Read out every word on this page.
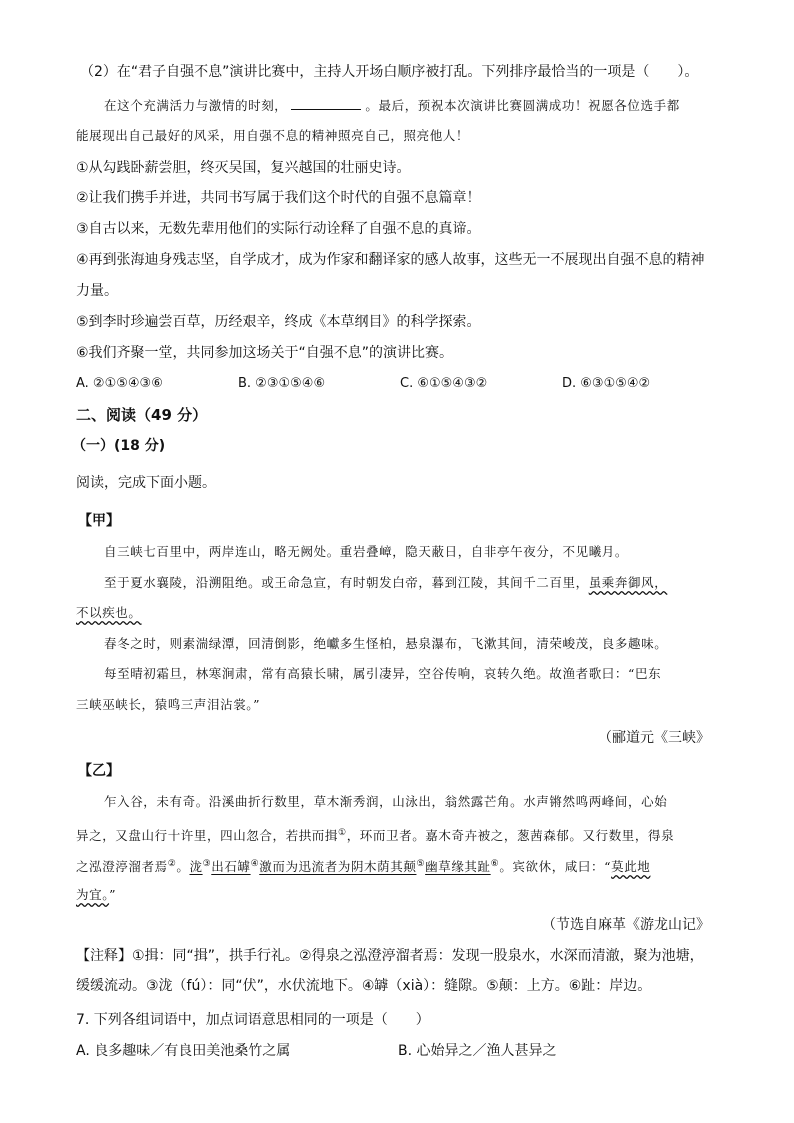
（2）在“君子自强不息”演讲比赛中，主持人开场白顺序被打乱。下列排序最恰当的一项是（　　）。
在这个充满活力与激情的时刻，	。最后，预祝本次演讲比赛圆满成功！祝愿各位选手都
能展现出自己最好的风采，用自强不息的精神照亮自己，照亮他人！
①从勾践卧薪尝胆，终灭吴国，复兴越国的壮丽史诗。
②让我们携手并进，共同书写属于我们这个时代的自强不息篇章！
③自古以来，无数先辈用他们的实际行动诠释了自强不息的真谛。
④再到张海迪身残志坚，自学成才，成为作家和翻译家的感人故事，这些无一不展现出自强不息的精神
力量。
⑤到李时珍遍尝百草，历经艰辛，终成《本草纲目》的科学探索。
⑥我们齐聚一堂，共同参加这场关于“自强不息”的演讲比赛。
A. ②①⑤④③⑥	B. ②③①⑤④⑥	C. ⑥①⑤④③②	D. ⑥③①⑤④②
二、阅读（49 分）
（一）(18 分)
阅读，完成下面小题。
【甲】
自三峡七百里中，两岸连山，略无阙处。重岩叠嶂，隐天蔽日，自非亭午夜分，不见曦月。
至于夏水襄陵，沿溯阻绝。或王命急宣，有时朝发白帝，暮到江陵，其间千二百里，虽乘奔御风，
不以疾也。
春冬之时，则素湍绿潭，回清倒影，绝巘多生怪柏，悬泉瀑布，飞漱其间，清荣峻茂，良多趣味。
每至晴初霜旦，林寒涧肃，常有高猿长啸，属引凄异，空谷传响，哀转久绝。故渔者歌曰：“巴东
三峡巫峡长，猿鸣三声泪沾裳。”
（郦道元《三峡》
【乙】
乍入谷，未有奇。沿溪曲折行数里，草木渐秀润，山泳出，翁然露芒角。水声锵然鸣两峰间，心始
异之，又盘山行十许里，四山忽合，若拱而揖①，环而卫者。嘉木奇卉被之，葱茜森郁。又行数里，得泉
之泓澄渟溜者焉②。泷③出石罅④激而为迅流者为阴木荫其颠⑤幽草缘其趾⑥。宾欲休，咸曰：“莫此地
为宜。”
（节选自麻革《游龙山记》
【注释】①揖：同“揖”，拱手行礼。②得泉之泓澄渟溜者焉：发现一股泉水，水深而清澈，聚为池塘，
缓缓流动。③泷（fú）：同“伏”，水伏流地下。④罅（xià）：缝隙。⑤颠：上方。⑥趾：岸边。
7. 下列各组词语中，加点词语意思相同的一项是（　　）
A. 良多趣味／有良田美池桑竹之属	B. 心始异之／渔人甚异之
